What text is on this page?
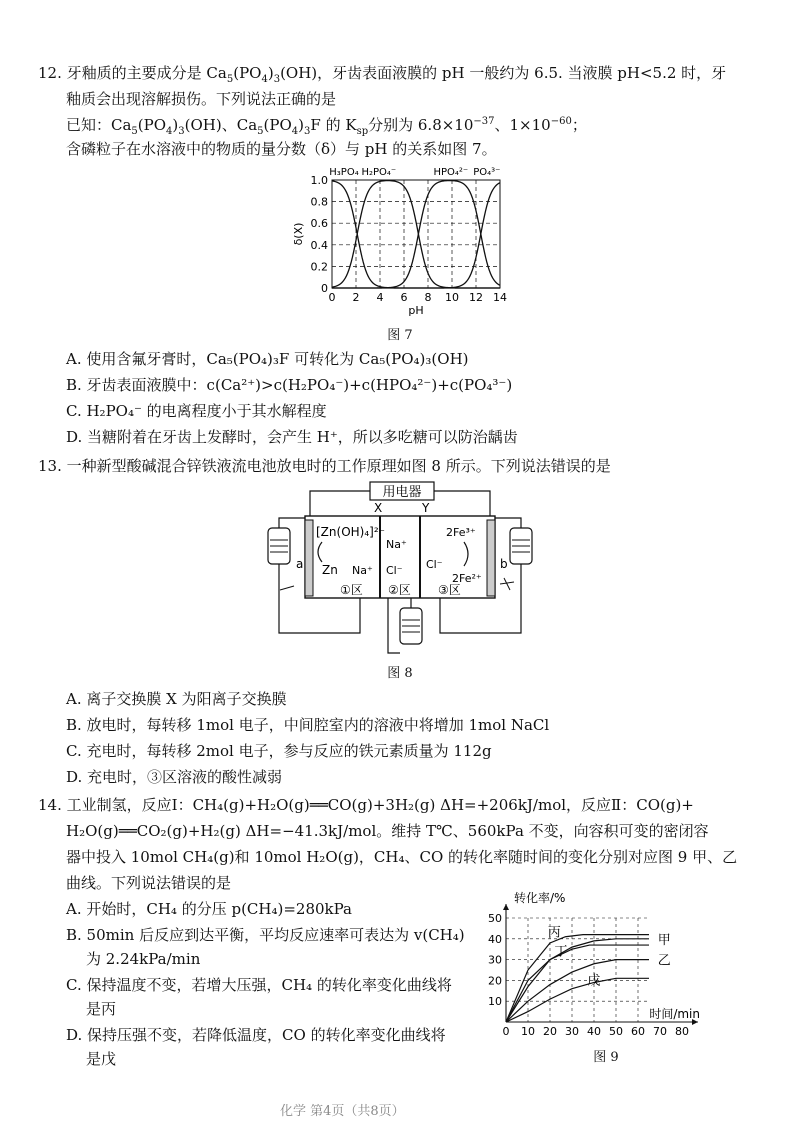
12. 牙釉质的主要成分是 $Ca_5(PO_4)_3(OH)$，牙齿表面液膜的 pH 一般约为 6.5. 当液膜 pH<5.2 时，牙
釉质会出现溶解损伤。下列说法正确的是
已知：$Ca_5(PO_4)_3(OH)$、$Ca_5(PO_4)_3F$ 的 $K_{sp}$分别为 $6.8\times 10^{-37}$、$1\times 10^{-60}$；
含磷粒子在水溶液中的物质的量分数（δ）与 pH 的关系如图 7。
0
0.2
0.4
0.6
0.8
1.0
0 2 4 6 8 10 12 14
pH
δ(X)
H₃PO₄ H₂PO₄⁻	HPO₄²⁻ PO₄³⁻
图 7
A. 使用含氟牙膏时，Ca₅(PO₄)₃F 可转化为 Ca₅(PO₄)₃(OH)
B. 牙齿表面液膜中：c(Ca²⁺)>c(H₂PO₄⁻)+c(HPO₄²⁻)+c(PO₄³⁻)
C. H₂PO₄⁻ 的电离程度小于其水解程度
D. 当糖附着在牙齿上发酵时，会产生 H⁺，所以多吃糖可以防治龋齿
13. 一种新型酸碱混合锌铁液流电池放电时的工作原理如图 8 所示。下列说法错误的是
用电器
X	Y
[Zn(OH)₄]²⁻
Zn Na⁺
Na⁺
Cl⁻
2Fe³⁺
Cl⁻
2Fe²⁺
①区 ②区 ③区
a	b
图 8
A. 离子交换膜 X 为阳离子交换膜
B. 放电时，每转移 1mol 电子，中间腔室内的溶液中将增加 1mol NaCl
C. 充电时，每转移 2mol 电子，参与反应的铁元素质量为 112g
D. 充电时，③区溶液的酸性减弱
14. 工业制氢，反应Ⅰ：CH₄(g)+H₂O(g)══CO(g)+3H₂(g) ΔH=+206kJ/mol，反应Ⅱ：CO(g)+
H₂O(g)══CO₂(g)+H₂(g) ΔH=−41.3kJ/mol。维持 T℃、560kPa 不变，向容积可变的密闭容
器中投入 10mol CH₄(g)和 10mol H₂O(g)，CH₄、CO 的转化率随时间的变化分别对应图 9 甲、乙
曲线。下列说法错误的是
A. 开始时，CH₄ 的分压 p(CH₄)=280kPa
B. 50min 后反应到达平衡，平均反应速率可表达为 v(CH₄)
为 2.24kPa/min
C. 保持温度不变，若增大压强，CH₄ 的转化率变化曲线将
是丙
D. 保持压强不变，若降低温度，CO 的转化率变化曲线将
是戊
10
20
30
40
50
0 10 20 30 40 50 60 70 80
转化率/%
时间/min
甲
乙
丙
丁
戊
图 9
化学 第4页（共8页）
